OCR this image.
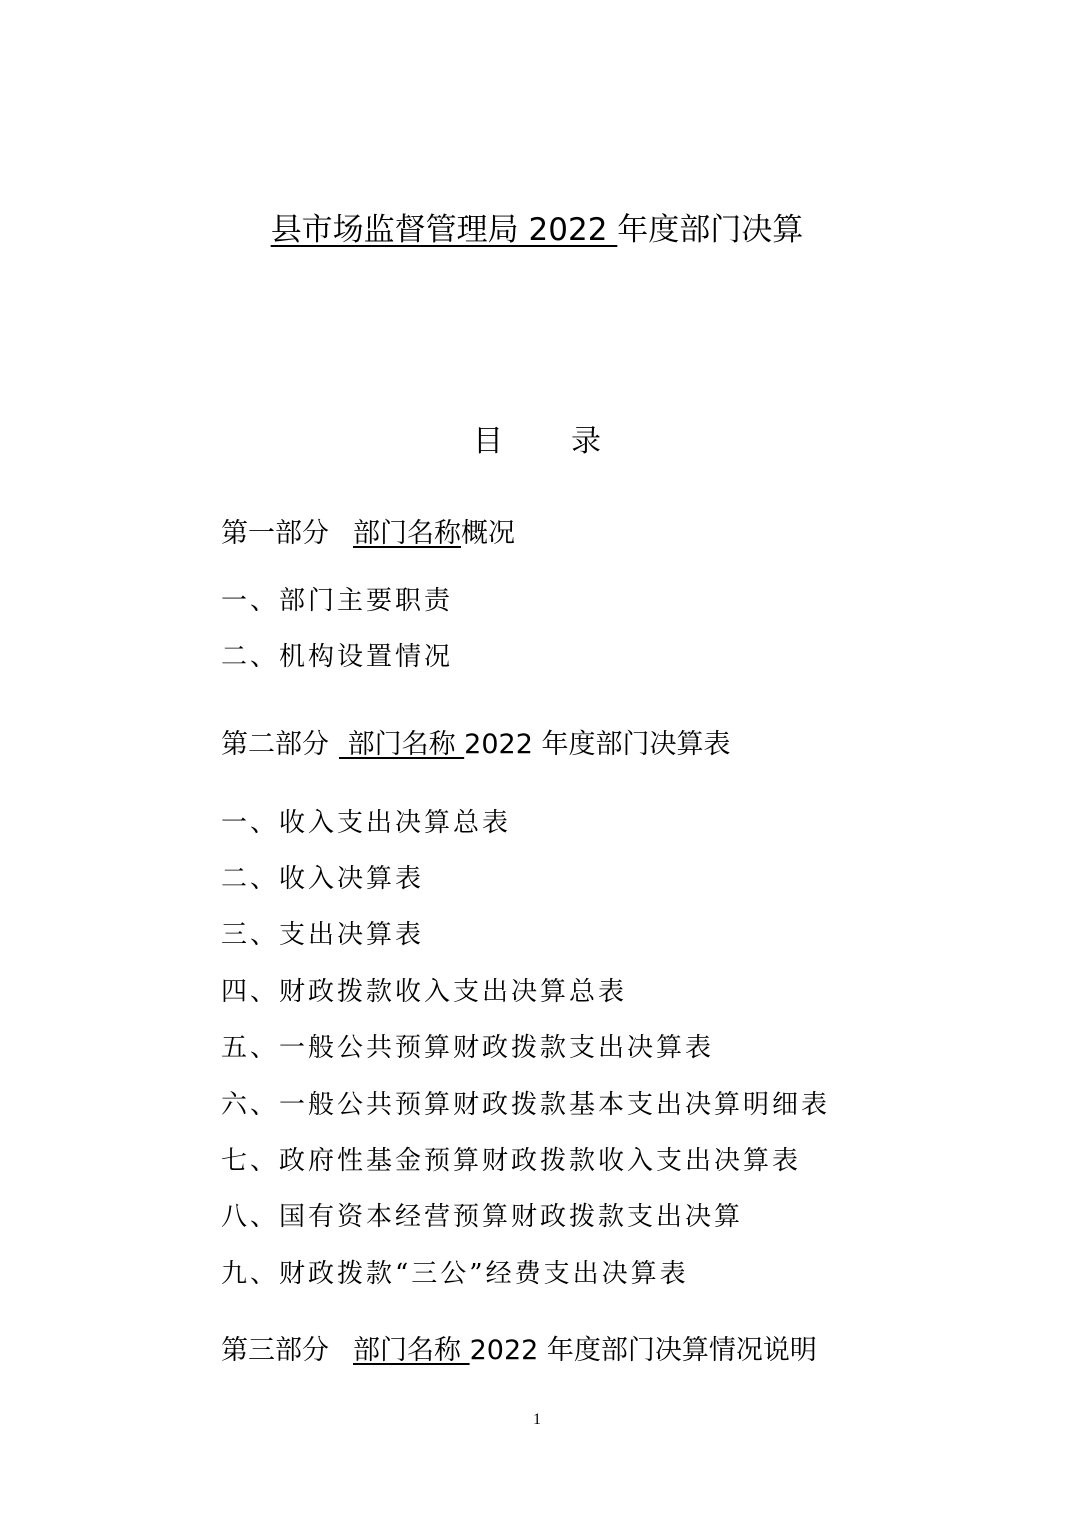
县市场监督管理局 2022 年度部门决算
目 录
第一部分 部门名称概况
一、部门主要职责
二、机构设置情况
第二部分 部门名称 2022 年度部门决算表
一、收入支出决算总表
二、收入决算表
三、支出决算表
四、财政拨款收入支出决算总表
五、一般公共预算财政拨款支出决算表
六、一般公共预算财政拨款基本支出决算明细表
七、政府性基金预算财政拨款收入支出决算表
八、国有资本经营预算财政拨款支出决算
九、财政拨款“三公”经费支出决算表
第三部分 部门名称 2022 年度部门决算情况说明
1
